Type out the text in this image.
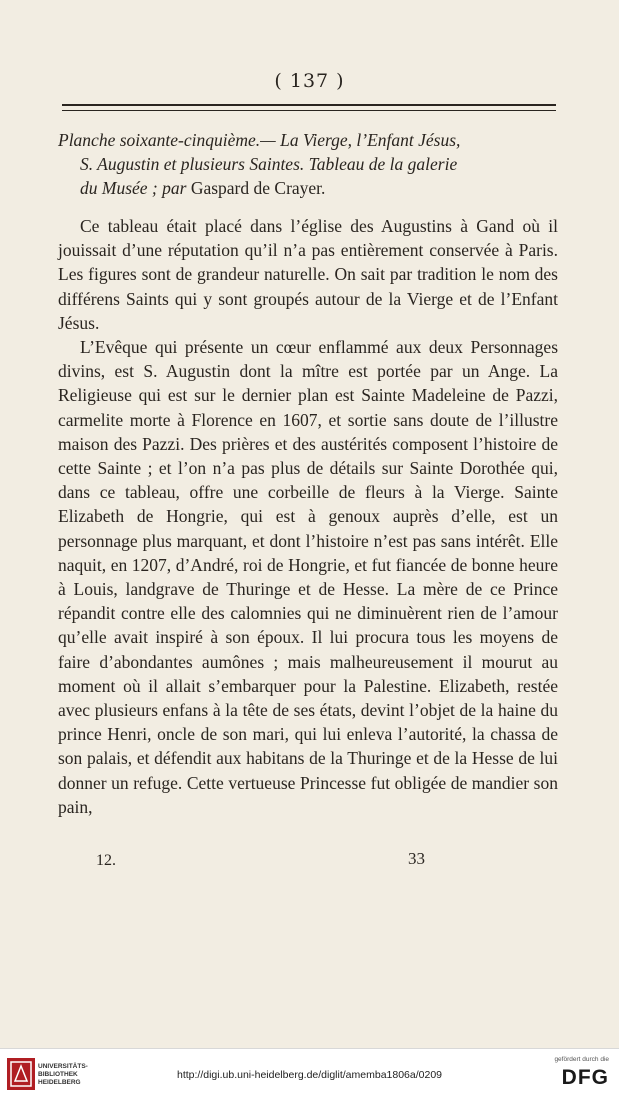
( 137 )
Planche soixante-cinquième.— La Vierge, l’Enfant Jésus,
S. Augustin et plusieurs Saintes. Tableau de la galerie
du Musée ; par Gaspard de Crayer.

Ce tableau était placé dans l’église des Augustins à Gand où il jouissait d’une réputation qu’il n’a pas entièrement conservée à Paris. Les figures sont de grandeur naturelle. On sait par tradition le nom des différens Saints qui y sont groupés autour de la Vierge et de l’Enfant Jésus.

L’Evêque qui présente un cœur enflammé aux deux Personnages divins, est S. Augustin dont la mître est portée par un Ange. La Religieuse qui est sur le dernier plan est Sainte Madeleine de Pazzi, carmelite morte à Florence en 1607, et sortie sans doute de l’illustre maison des Pazzi. Des prières et des austérités composent l’histoire de cette Sainte ; et l’on n’a pas plus de détails sur Sainte Dorothée qui, dans ce tableau, offre une corbeille de fleurs à la Vierge. Sainte Elizabeth de Hongrie, qui est à genoux auprès d’elle, est un personnage plus marquant, et dont l’histoire n’est pas sans intérêt. Elle naquit, en 1207, d’André, roi de Hongrie, et fut fiancée de bonne heure à Louis, landgrave de Thuringe et de Hesse. La mère de ce Prince répandit contre elle des calomnies qui ne diminuèrent rien de l’amour qu’elle avait inspiré à son époux. Il lui procura tous les moyens de faire d’abondantes aumônes ; mais malheureusement il mourut au moment où il allait s’embarquer pour la Palestine. Elizabeth, restée avec plusieurs enfans à la tête de ses états, devint l’objet de la haine du prince Henri, oncle de son mari, qui lui enleva l’autorité, la chassa de son palais, et défendit aux habitans de la Thuringe et de la Hesse de lui donner un refuge. Cette vertueuse Princesse fut obligée de mandier son pain,

12.	33
UNIVERSITÄTS-
BIBLIOTHEK
HEIDELBERG
http://digi.ub.uni-heidelberg.de/diglit/amemba1806a/0209
gefördert durch die
DFG
